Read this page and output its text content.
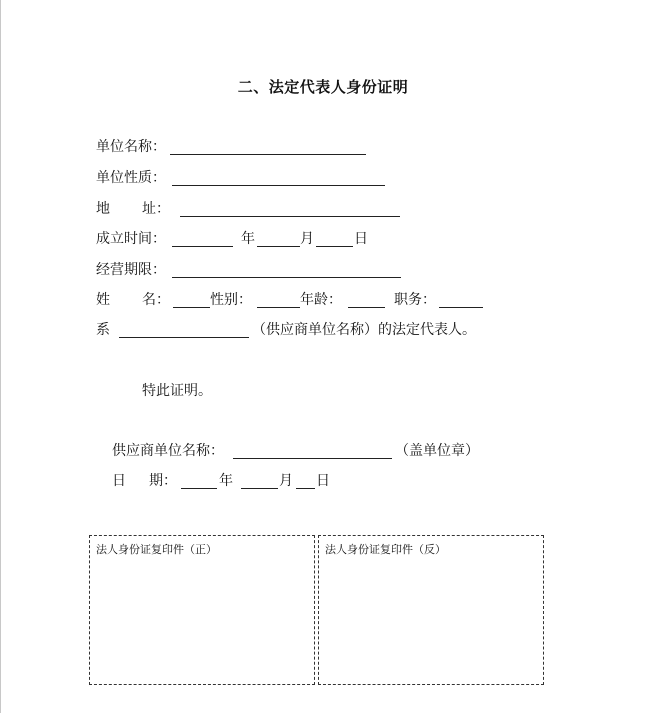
二、法定代表人身份证明
单位名称：
单位性质：
地 址：
成立时间：	年	月	日
经营期限：
姓 名：	性别：	年龄：	职务：
系	（供应商单位名称）的法定代表人。
特此证明。
供应商单位名称：	（盖单位章）
日 期：	年	月 日
法人身份证复印件（正）	法人身份证复印件（反）
